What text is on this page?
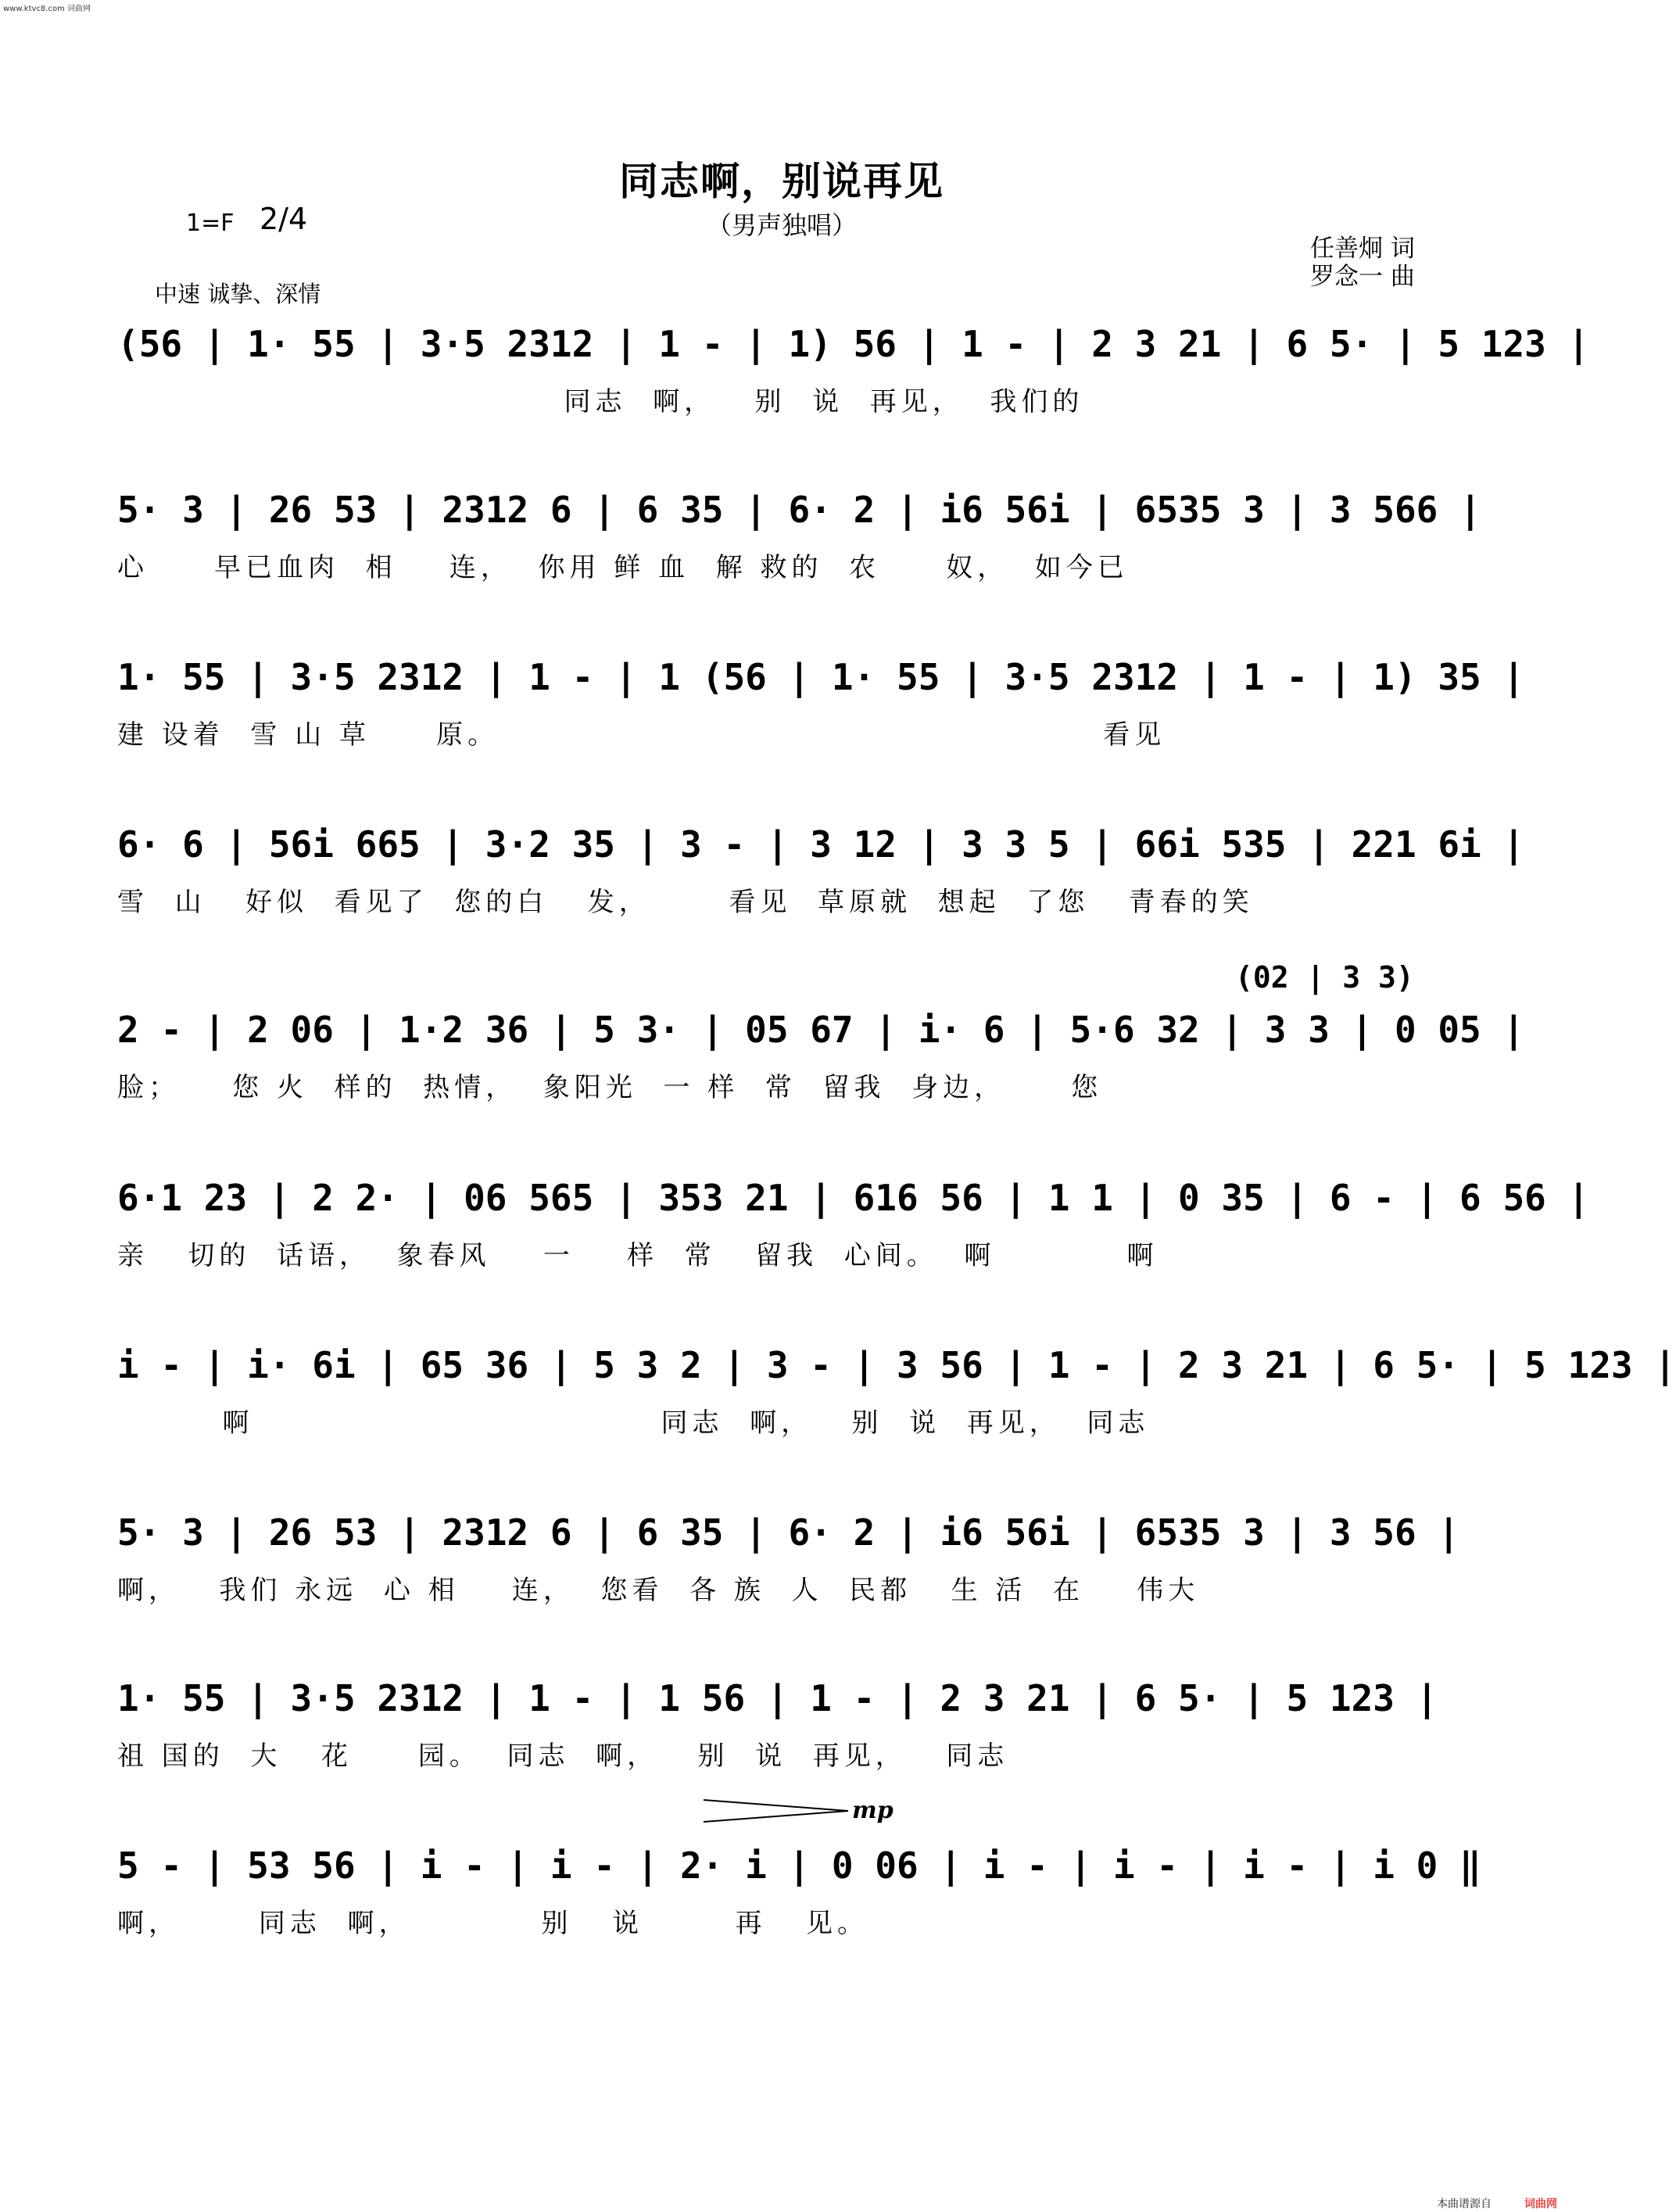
www.ktvc8.com 词曲网
同志啊，别说再见
（男声独唱）
1=F 2/4
中速 诚挚、深情
任善炯 词
罗念一 曲
(56 | 1· 55 | 3·5 2312 | 1 - | 1) 56 | 1 - | 2 3 21 | 6 5· | 5 123 |
同志  啊，   别  说  再见，  我们的
5· 3 | 26 53 | 2312 6 | 6 35 | 6· 2 | i6 56i | 6535 3 | 3 566 |
心     早已血肉  相    连，  你用 鲜 血  解 救的  农     奴，  如今已
1· 55 | 3·5 2312 | 1 - | 1 (56 | 1· 55 | 3·5 2312 | 1 - | 1) 35 |
建 设着  雪 山 草     原。                                              看见
6· 6 | 56i 665 | 3·2 35 | 3 - | 3 12 | 3 3 5 | 66i 535 | 221 6i |
雪  山   好似  看见了  您的白   发，      看见  草原就  想起  了您   青春的笑
(02 | 3 3)
2 - | 2 06 | 1·2 36 | 5 3· | 05 67 | i· 6 | 5·6 32 | 3 3 | 0 05 |
脸；    您 火  样的  热情，  象阳光  一 样  常  留我  身边，     您
6·1 23 | 2 2· | 06 565 | 353 21 | 616 56 | 1 1 | 0 35 | 6 - | 6 56 |
亲   切的  话语，  象春风    一    样  常   留我  心间。  啊          啊
i - | i· 6i | 65 36 | 5 3 2 | 3 - | 3 56 | 1 - | 2 3 21 | 6 5· | 5 123 |
啊                               同志  啊，   别  说  再见，  同志
5· 3 | 26 53 | 2312 6 | 6 35 | 6· 2 | i6 56i | 6535 3 | 3 56 |
啊，   我们 永远  心 相    连，  您看  各 族  人  民都   生 活  在    伟大
1· 55 | 3·5 2312 | 1 - | 1 56 | 1 - | 2 3 21 | 6 5· | 5 123 |
祖 国的  大   花     园。  同志  啊，   别  说  再见，   同志
mp
5 - | 53 56 | i - | i - | 2· i | 0 06 | i - | i - | i - | i 0 ‖
啊，      同志  啊，          别   说       再   见。
本曲谱源自	词曲网
